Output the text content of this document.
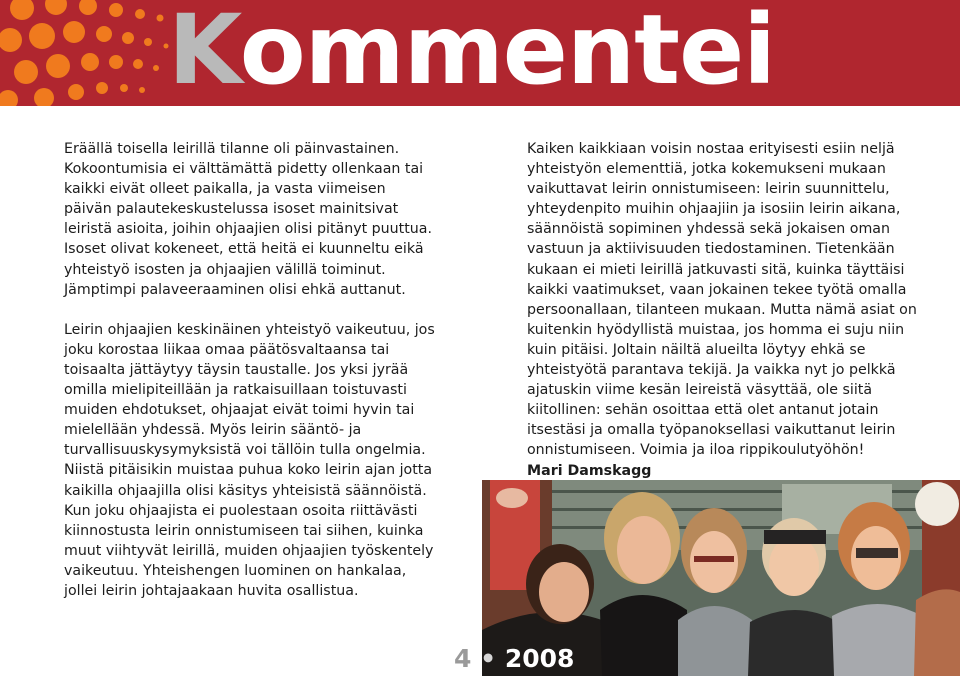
Kommentei

Eräällä toisella leirillä tilanne oli päinvastainen. Kokoontumisia ei välttämättä pidetty ollenkaan tai kaikki eivät olleet paikalla, ja vasta viimeisen päivän palautekeskustelussa isoset mainitsivat leiristä asioita, joihin ohjaajien olisi pitänyt puuttua. Isoset olivat kokeneet, että heitä ei kuunneltu eikä yhteistyö isosten ja ohjaajien välillä toiminut. Jämptimpi palaveeraaminen olisi ehkä auttanut.

Leirin ohjaajien keskinäinen yhteistyö vaikeutuu, jos joku korostaa liikaa omaa päätösvaltaansa tai toisaalta jättäytyy täysin taustalle. Jos yksi jyrää omilla mielipiteillään ja ratkaisuillaan toistuvasti muiden ehdotukset, ohjaajat eivät toimi hyvin tai mielellään yhdessä. Myös leirin sääntö- ja turvallisuuskysymyksistä voi tällöin tulla ongelmia. Niistä pitäisikin muistaa puhua koko leirin ajan jotta kaikilla ohjaajilla olisi käsitys yhteisistä säännöistä. Kun joku ohjaajista ei puolestaan osoita riittävästi kiinnostusta leirin onnistumiseen tai siihen, kuinka muut viihtyvät leirillä, muiden ohjaajien työskentely vaikeutuu. Yhteishengen luominen on hankalaa, jollei leirin johtajaakaan huvita osallistua.

Kaiken kaikkiaan voisin nostaa erityisesti esiin neljä yhteistyön elementtiä, jotka kokemukseni mukaan vaikuttavat leirin onnistumiseen: leirin suunnittelu, yhteydenpito muihin ohjaajiin ja isosiin leirin aikana, säännöistä sopiminen yhdessä sekä jokaisen oman vastuun ja aktiivisuuden tiedostaminen. Tietenkään kukaan ei mieti leirillä jatkuvasti sitä, kuinka täyttäisi kaikki vaatimukset, vaan jokainen tekee työtä omalla persoonallaan, tilanteen mukaan. Mutta nämä asiat on kuitenkin hyödyllistä muistaa, jos homma ei suju niin kuin pitäisi. Joltain näiltä alueilta löytyy ehkä se yhteistyötä parantava tekijä. Ja vaikka nyt jo pelkkä ajatuskin viime kesän leireistä väsyttää, ole siitä kiitollinen: sehän osoittaa että olet antanut jotain itsestäsi ja omalla työpanoksellasi vaikuttanut leirin onnistumiseen. Voimia ja iloa rippikoulutyöhön!
Mari Damskagg
4 • 2008
